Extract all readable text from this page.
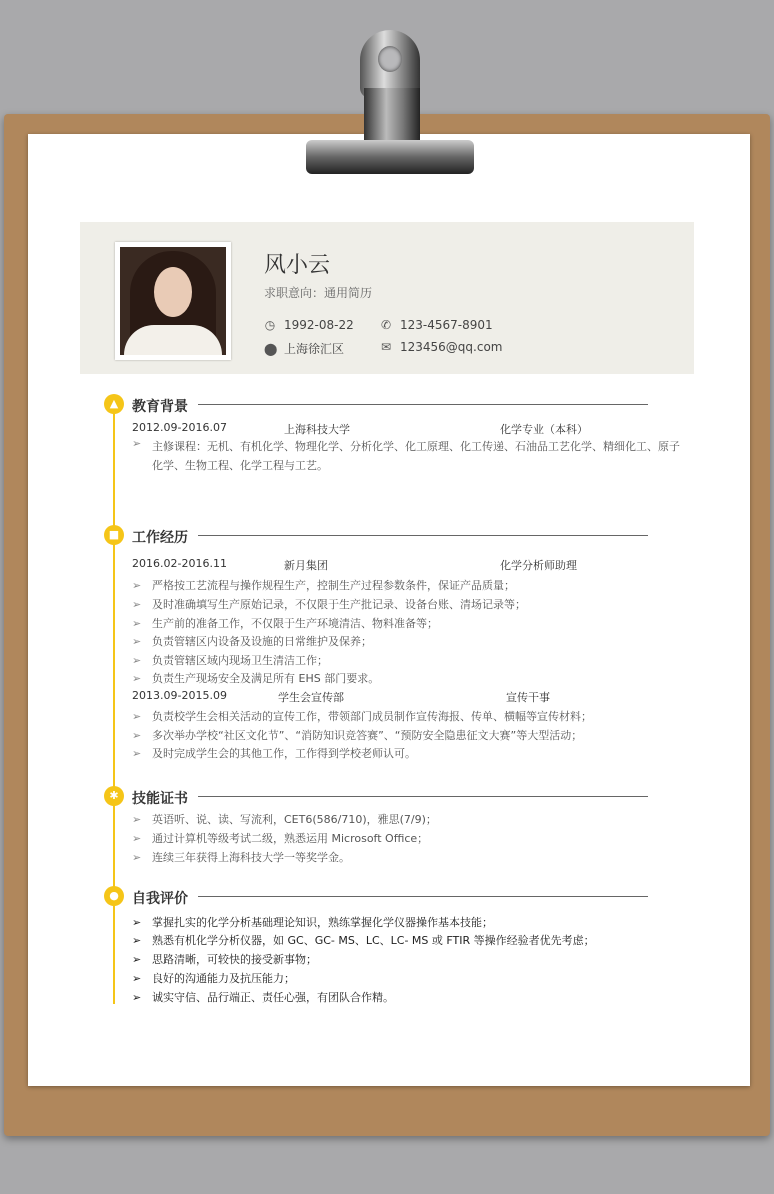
风小云
求职意向：通用简历
◷ 1992-08-22 ✆ 123-4567-8901
⬤ 上海徐汇区	✉ 123456@qq.com
▲ 教育背景
2012.09-2016.07	上海科技大学	化学专业（本科）
➢ 主修课程：无机、有机化学、物理化学、分析化学、化工原理、化工传递、石油品工艺化学、精细化工、原子化学、生物工程、化学工程与工艺。
■ 工作经历
2016.02-2016.11	新月集团	化学分析师助理
➢ 严格按工艺流程与操作规程生产，控制生产过程参数条件，保证产品质量；
➢ 及时准确填写生产原始记录，不仅限于生产批记录、设备台账、清场记录等；
➢ 生产前的准备工作，不仅限于生产环境清洁、物料准备等；
➢ 负责管辖区内设备及设施的日常维护及保养；
➢ 负责管辖区域内现场卫生清洁工作；
➢ 负责生产现场安全及满足所有 EHS 部门要求。
2013.09-2015.09	学生会宣传部	宣传干事
➢ 负责校学生会相关活动的宣传工作，带领部门成员制作宣传海报、传单、横幅等宣传材料；
➢ 多次举办学校“社区文化节”、“消防知识竞答赛”、“预防安全隐患征文大赛”等大型活动；
➢ 及时完成学生会的其他工作，工作得到学校老师认可。
✱ 技能证书
➢ 英语听、说、读、写流利，CET6(586/710)，雅思(7/9)；
➢ 通过计算机等级考试二级，熟悉运用 Microsoft Office；
➢ 连续三年获得上海科技大学一等奖学金。
● 自我评价
➢ 掌握扎实的化学分析基础理论知识，熟练掌握化学仪器操作基本技能；
➢ 熟悉有机化学分析仪器，如 GC、GC- MS、LC、LC- MS 或 FTIR 等操作经验者优先考虑；
➢ 思路清晰，可较快的接受新事物；
➢ 良好的沟通能力及抗压能力；
➢ 诚实守信、品行端正、责任心强，有团队合作精。
